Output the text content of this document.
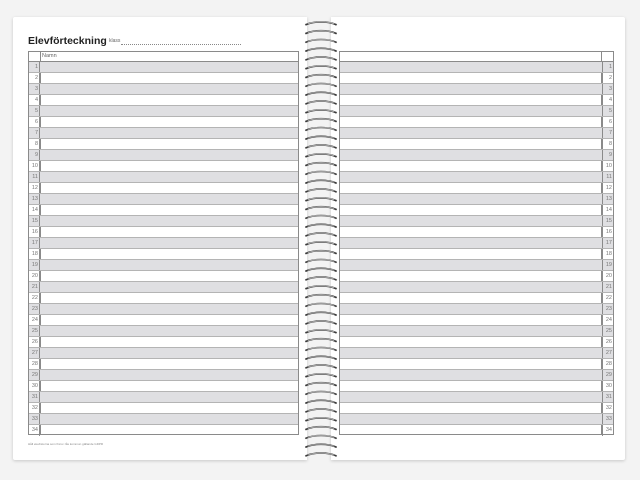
Elevförteckning klass
Namn
1
2
3
4
5
6
7
8
9
10
11
12
13
14
15
16
17
18
19
20
21
22
23
24
25
26
27
28
29
30
31
32
33
34
Håll elevlistorna som finns i lås kommun gällande GDPR
1
2
3
4
5
6
7
8
9
10
11
12
13
14
15
16
17
18
19
20
21
22
23
24
25
26
27
28
29
30
31
32
33
34
